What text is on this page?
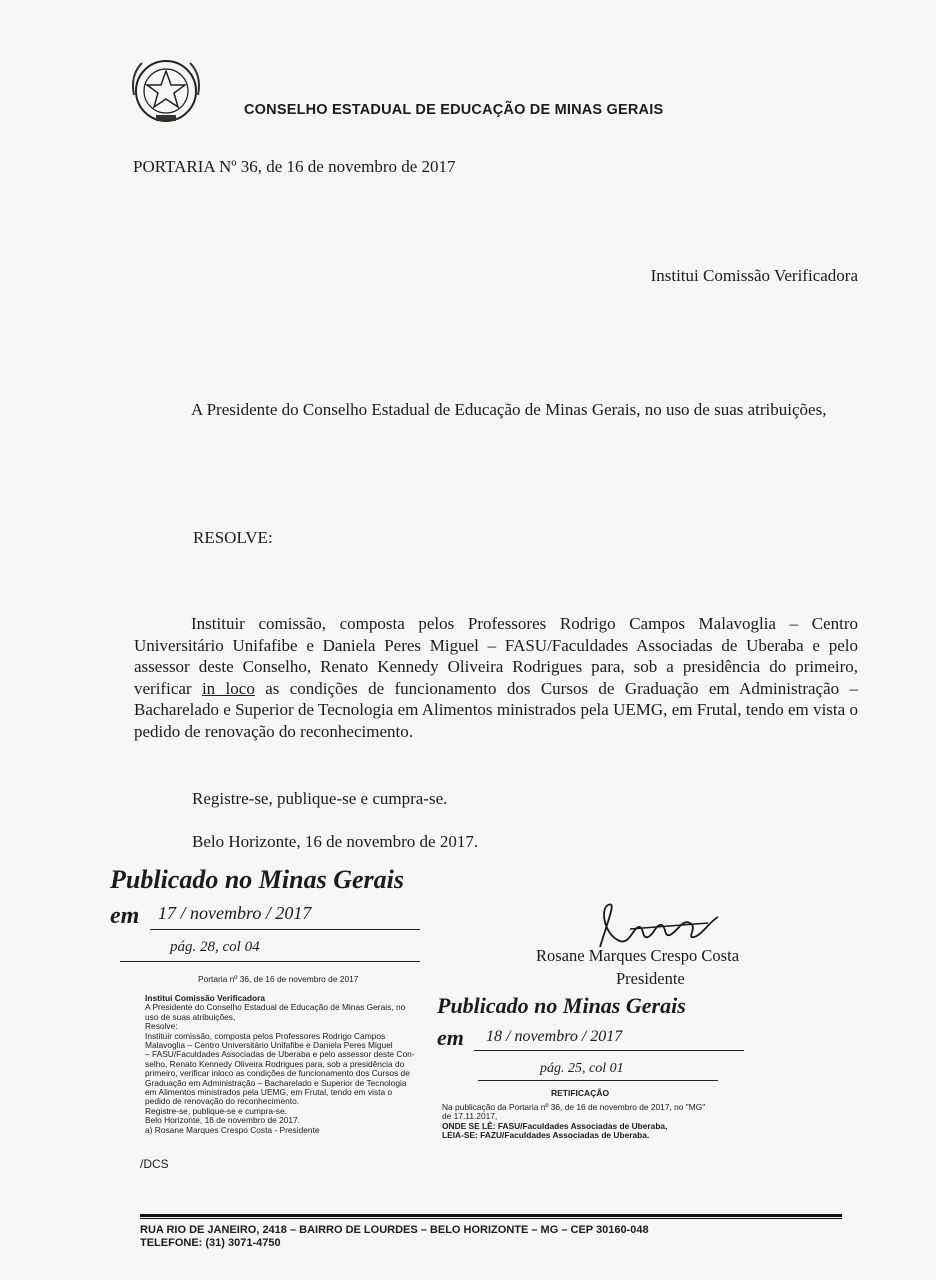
CONSELHO ESTADUAL DE EDUCAÇÃO DE MINAS GERAIS
PORTARIA Nº 36, de 16 de novembro de 2017
Institui Comissão Verificadora
A Presidente do Conselho Estadual de Educação de Minas Gerais, no uso de suas atribuições,
RESOLVE:
Instituir comissão, composta pelos Professores Rodrigo Campos Malavoglia – Centro Universitário Unifafibe e Daniela Peres Miguel – FASU/Faculdades Associadas de Uberaba e pelo assessor deste Conselho, Renato Kennedy Oliveira Rodrigues para, sob a presidência do primeiro, verificar in loco as condições de funcionamento dos Cursos de Graduação em Administração – Bacharelado e Superior de Tecnologia em Alimentos ministrados pela UEMG, em Frutal, tendo em vista o pedido de renovação do reconhecimento.
Registre-se, publique-se e cumpra-se.
Belo Horizonte, 16 de novembro de 2017.
Publicado no Minas Gerais
em 17 / novembro / 2017
pág. 28, col 04
Portaria nº 36, de 16 de novembro de 2017
Institui Comissão Verificadora
A Presidente do Conselho Estadual de Educação de Minas Gerais, no
uso de suas atribuições,
Resolve:
Instituir comissão, composta pelos Professores Rodrigo Campos
Malavoglia – Centro Universitário Unifafibe e Daniela Peres Miguel
– FASU/Faculdades Associadas de Uberaba e pelo assessor deste Con-
selho, Renato Kennedy Oliveira Rodrigues para, sob a presidência do
primeiro, verificar inloco as condições de funcionamento dos Cursos de
Graduação em Administração – Bacharelado e Superior de Tecnologia
em Alimentos ministrados pela UEMG, em Frutal, tendo em vista o
pedido de renovação do reconhecimento.
Registre-se, publique-se e cumpra-se.
Belo Horizonte, 16 de novembro de 2017.
a) Rosane Marques Crespo Costa - Presidente
Rosane Marques Crespo Costa
Presidente
Publicado no Minas Gerais
em 18 / novembro / 2017
pág. 25, col 01
RETIFICAÇÃO
Na publicação da Portaria nº 36, de 16 de novembro de 2017, no "MG"
de 17.11.2017,
ONDE SE LÊ: FASU/Faculdades Associadas de Uberaba,
LEIA-SE: FAZU/Faculdades Associadas de Uberaba.
/DCS
RUA RIO DE JANEIRO, 2418 – BAIRRO DE LOURDES – BELO HORIZONTE – MG – CEP 30160-048
TELEFONE: (31) 3071-4750
